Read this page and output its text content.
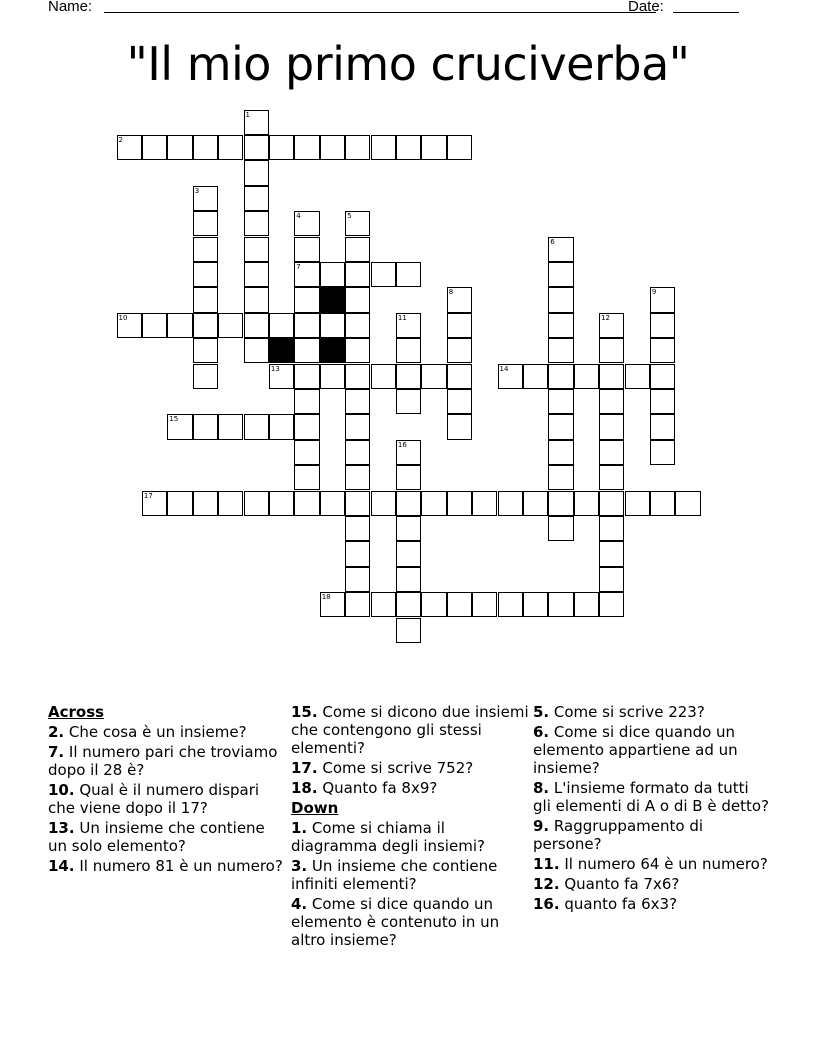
Name:	Date:
"Il mio primo cruciverba"
2
7
10
13	14
15
17
18
1
3
4	5
6
8	9
11	12
16
Across
2. Che cosa è un insieme?
7. Il numero pari che troviamo dopo il 28 è?
10. Qual è il numero dispari che viene dopo il 17?
13. Un insieme che contiene un solo elemento?
14. Il numero 81 è un numero?
15. Come si dicono due insiemi che contengono gli stessi elementi?
17. Come si scrive 752?
18. Quanto fa 8x9?
Down
1. Come si chiama il diagramma degli insiemi?
3. Un insieme che contiene infiniti elementi?
4. Come si dice quando un elemento è contenuto in un altro insieme?
5. Come si scrive 223?
6. Come si dice quando un elemento appartiene ad un insieme?
8. L'insieme formato da tutti gli elementi di A o di B è detto?
9. Raggruppamento di persone?
11. Il numero 64 è un numero?
12. Quanto fa 7x6?
16. quanto fa 6x3?
